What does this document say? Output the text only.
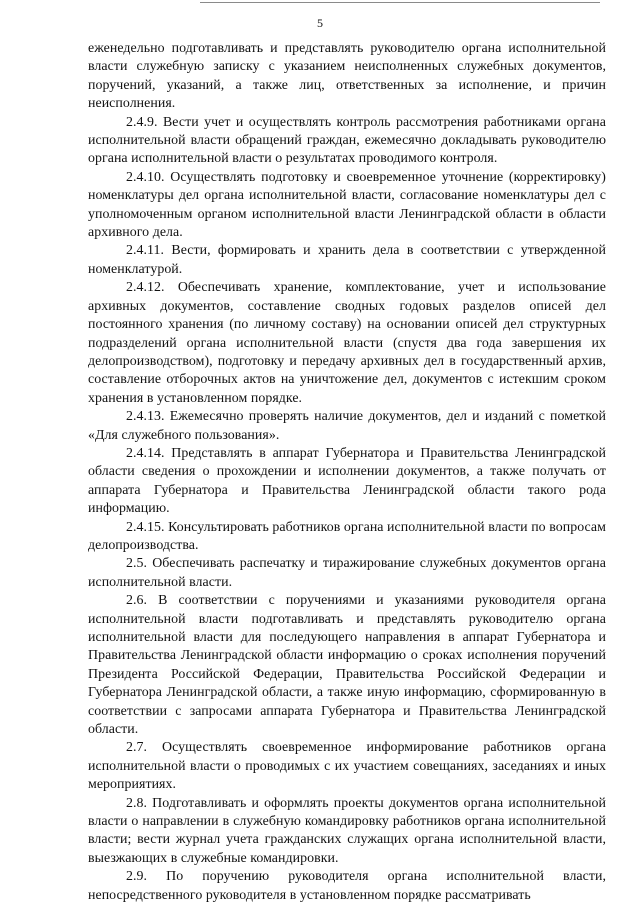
5

еженедельно подготавливать и представлять руководителю органа исполнительной власти служебную записку с указанием неисполненных служебных документов, поручений, указаний, а также лиц, ответственных за исполнение, и причин неисполнения.

2.4.9. Вести учет и осуществлять контроль рассмотрения работниками органа исполнительной власти обращений граждан, ежемесячно докладывать руководителю органа исполнительной власти о результатах проводимого контроля.

2.4.10. Осуществлять подготовку и своевременное уточнение (корректировку) номенклатуры дел органа исполнительной власти, согласование номенклатуры дел с уполномоченным органом исполнительной власти Ленинградской области в области архивного дела.

2.4.11. Вести, формировать и хранить дела в соответствии с утвержденной номенклатурой.

2.4.12. Обеспечивать хранение, комплектование, учет и использование архивных документов, составление сводных годовых разделов описей дел постоянного хранения (по личному составу) на основании описей дел структурных подразделений органа исполнительной власти (спустя два года завершения их делопроизводством), подготовку и передачу архивных дел в государственный архив, составление отборочных актов на уничтожение дел, документов с истекшим сроком хранения в установленном порядке.

2.4.13. Ежемесячно проверять наличие документов, дел и изданий с пометкой «Для служебного пользования».

2.4.14. Представлять в аппарат Губернатора и Правительства Ленинградской области сведения о прохождении и исполнении документов, а также получать от аппарата Губернатора и Правительства Ленинградской области такого рода информацию.

2.4.15. Консультировать работников органа исполнительной власти по вопросам делопроизводства.

2.5. Обеспечивать распечатку и тиражирование служебных документов органа исполнительной власти.

2.6. В соответствии с поручениями и указаниями руководителя органа исполнительной власти подготавливать и представлять руководителю органа исполнительной власти для последующего направления в аппарат Губернатора и Правительства Ленинградской области информацию о сроках исполнения поручений Президента Российской Федерации, Правительства Российской Федерации и Губернатора Ленинградской области, а также иную информацию, сформированную в соответствии с запросами аппарата Губернатора и Правительства Ленинградской области.

2.7. Осуществлять своевременное информирование работников органа исполнительной власти о проводимых с их участием совещаниях, заседаниях и иных мероприятиях.

2.8. Подготавливать и оформлять проекты документов органа исполнительной власти о направлении в служебную командировку работников органа исполнительной власти; вести журнал учета гражданских служащих органа исполнительной власти, выезжающих в служебные командировки.

2.9. По поручению руководителя органа исполнительной власти, непосредственного руководителя в установленном порядке рассматривать
